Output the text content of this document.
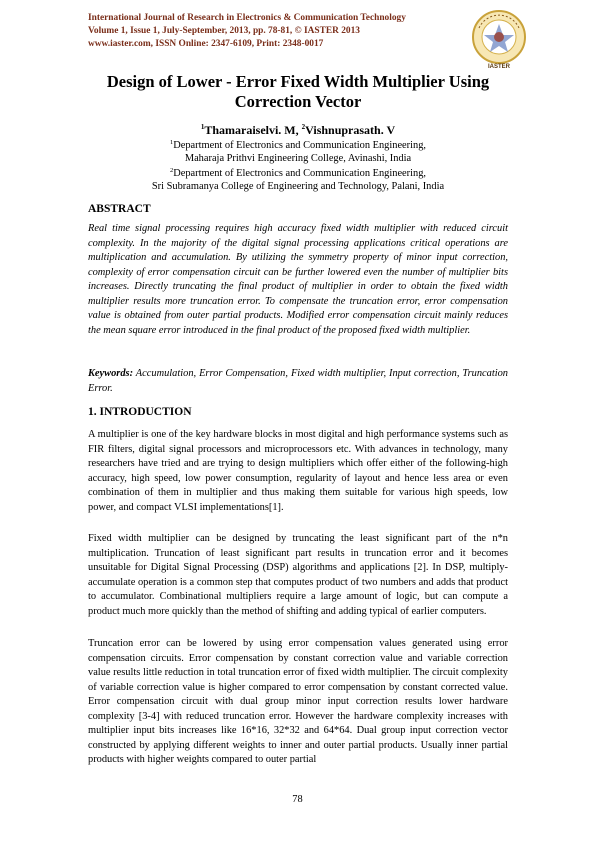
International Journal of Research in Electronics & Communication Technology
Volume 1, Issue 1, July-September, 2013, pp. 78-81, © IASTER 2013
www.iaster.com, ISSN Online: 2347-6109, Print: 2348-0017
IASTER
Design of Lower - Error Fixed Width Multiplier Using
Correction Vector
$^1$Thamaraiselvi. M, $^2$Vishnuprasath. V
$^1$Department of Electronics and Communication Engineering,
Maharaja Prithvi Engineering College, Avinashi, India
$^2$Department of Electronics and Communication Engineering,
Sri Subramanya College of Engineering and Technology, Palani, India
ABSTRACT
Real time signal processing requires high accuracy fixed width multiplier with reduced circuit complexity. In the majority of the digital signal processing applications critical operations are multiplication and accumulation. By utilizing the symmetry property of minor input correction, complexity of error compensation circuit can be further lowered even the number of multiplier bits increases. Directly truncating the final product of multiplier in order to obtain the fixed width multiplier results more truncation error. To compensate the truncation error, error compensation value is obtained from outer partial products. Modified error compensation circuit mainly reduces the mean square error introduced in the final product of the proposed fixed width multiplier.
Keywords: Accumulation, Error Compensation, Fixed width multiplier, Input correction, Truncation Error.
1. INTRODUCTION
A multiplier is one of the key hardware blocks in most digital and high performance systems such as FIR filters, digital signal processors and microprocessors etc. With advances in technology, many researchers have tried and are trying to design multipliers which offer either of the following-high accuracy, high speed, low power consumption, regularity of layout and hence less area or even combination of them in multiplier and thus making them suitable for various high speeds, low power, and compact VLSI implementations[1].
Fixed width multiplier can be designed by truncating the least significant part of the n*n multiplication. Truncation of least significant part results in truncation error and it becomes unsuitable for Digital Signal Processing (DSP) algorithms and applications [2]. In DSP, multiply-accumulate operation is a common step that computes product of two numbers and adds that product to accumulator. Combinational multipliers require a large amount of logic, but can compute a product much more quickly than the method of shifting and adding typical of earlier computers.
Truncation error can be lowered by using error compensation values generated using error compensation circuits. Error compensation by constant correction value and variable correction value results little reduction in total truncation error of fixed width multiplier. The circuit complexity of variable correction value is higher compared to error compensation by constant corrected value. Error compensation circuit with dual group minor input correction results lower hardware complexity [3-4] with reduced truncation error. However the hardware complexity increases with multiplier input bits increases like 16*16, 32*32 and 64*64. Dual group input correction vector constructed by applying different weights to inner and outer partial products. Usually inner partial products with higher weights compared to outer partial
78
